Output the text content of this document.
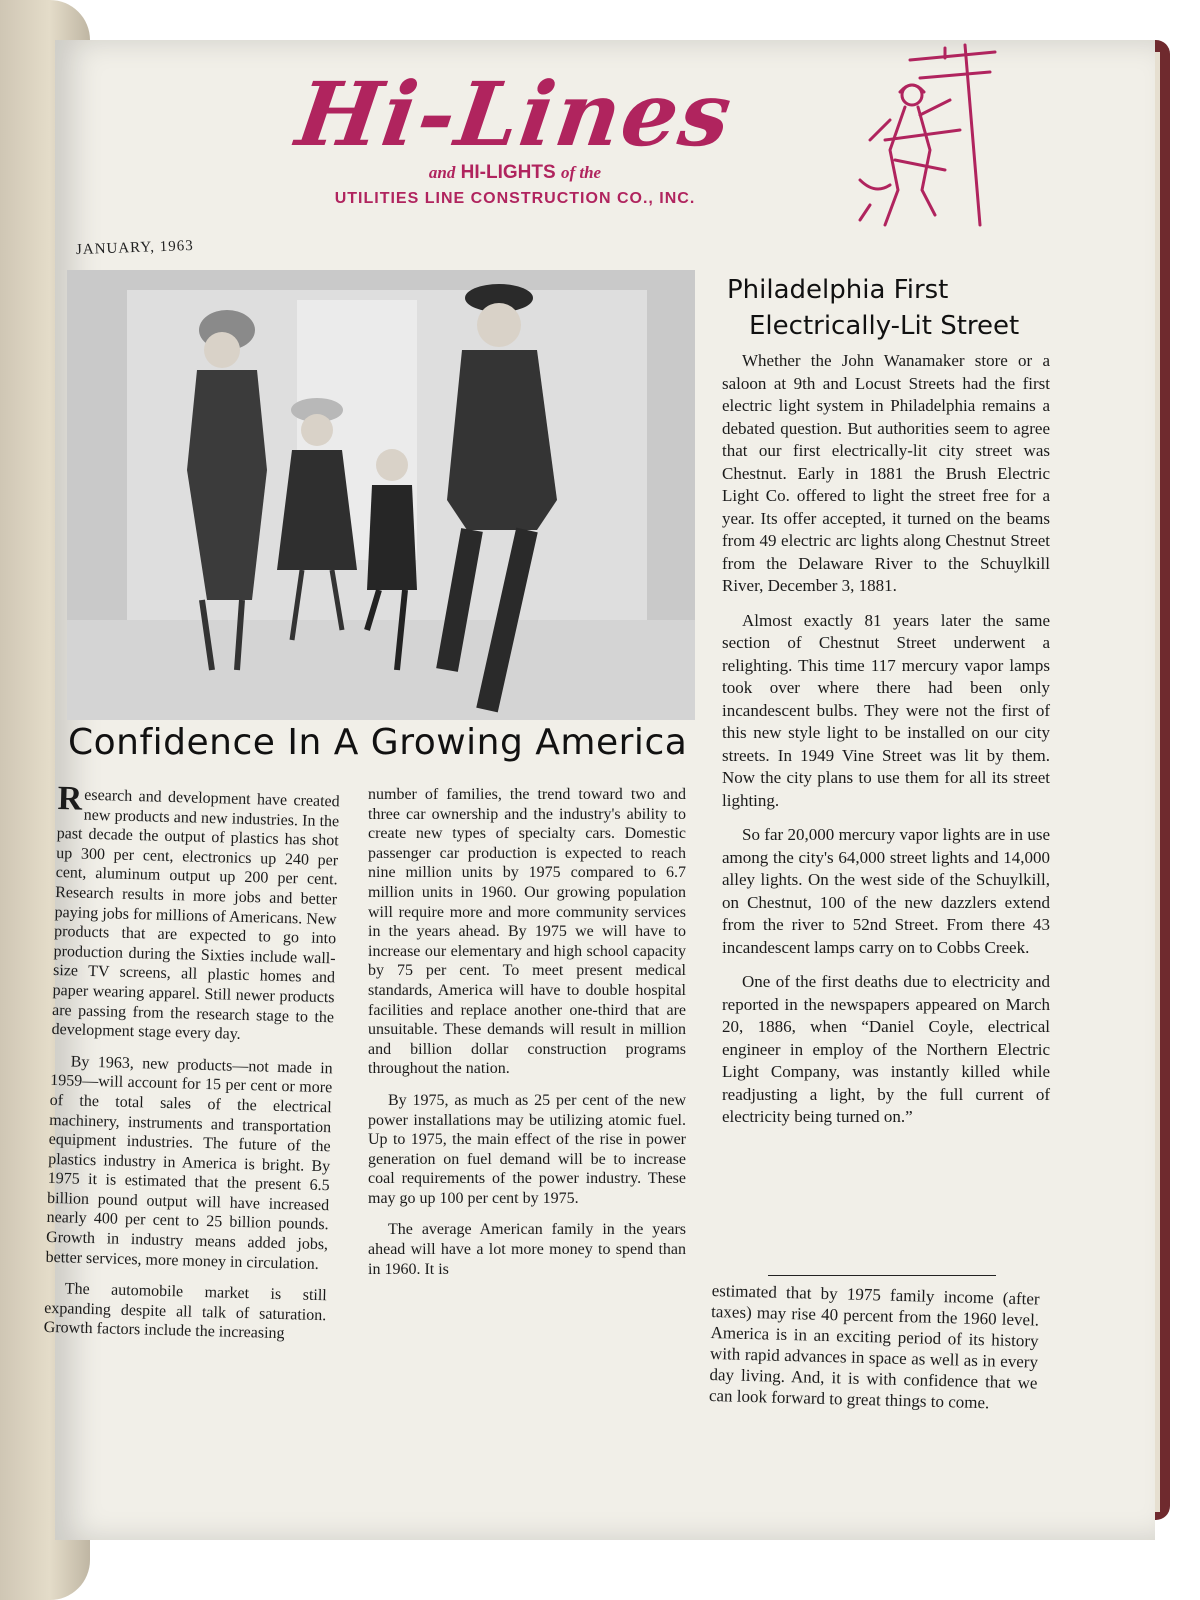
Hi-Lines
and HI-LIGHTS of the
UTILITIES LINE CONSTRUCTION CO., INC.
JANUARY, 1963
Confidence In A Growing America

Research and development have created new products and new industries. In the past decade the output of plastics has shot up 300 per cent, electronics up 240 per cent, aluminum output up 200 per cent. Research results in more jobs and better paying jobs for millions of Americans. New products that are expected to go into production during the Sixties include wall-size TV screens, all plastic homes and paper wearing apparel. Still newer products are passing from the research stage to the development stage every day.

By 1963, new products—not made in 1959—will account for 15 per cent or more of the total sales of the electrical machinery, instruments and transportation equipment industries. The future of the plastics industry in America is bright. By 1975 it is estimated that the present 6.5 billion pound output will have increased nearly 400 per cent to 25 billion pounds. Growth in industry means added jobs, better services, more money in circulation.

The automobile market is still expanding despite all talk of saturation. Growth factors include the increasing

number of families, the trend toward two and three car ownership and the industry's ability to create new types of specialty cars. Domestic passenger car production is expected to reach nine million units by 1975 compared to 6.7 million units in 1960. Our growing population will require more and more community services in the years ahead. By 1975 we will have to increase our elementary and high school capacity by 75 per cent. To meet present medical standards, America will have to double hospital facilities and replace another one-third that are unsuitable. These demands will result in million and billion dollar construction programs throughout the nation.

By 1975, as much as 25 per cent of the new power installations may be utilizing atomic fuel. Up to 1975, the main effect of the rise in power generation on fuel demand will be to increase coal requirements of the power industry. These may go up 100 per cent by 1975.

The average American family in the years ahead will have a lot more money to spend than in 1960. It is

Philadelphia First
Electrically-Lit Street

Whether the John Wanamaker store or a saloon at 9th and Locust Streets had the first electric light system in Philadelphia remains a debated question. But authorities seem to agree that our first electrically-lit city street was Chestnut. Early in 1881 the Brush Electric Light Co. offered to light the street free for a year. Its offer accepted, it turned on the beams from 49 electric arc lights along Chestnut Street from the Delaware River to the Schuylkill River, December 3, 1881.

Almost exactly 81 years later the same section of Chestnut Street underwent a relighting. This time 117 mercury vapor lamps took over where there had been only incandescent bulbs. They were not the first of this new style light to be installed on our city streets. In 1949 Vine Street was lit by them. Now the city plans to use them for all its street lighting.

So far 20,000 mercury vapor lights are in use among the city's 64,000 street lights and 14,000 alley lights. On the west side of the Schuylkill, on Chestnut, 100 of the new dazzlers extend from the river to 52nd Street. From there 43 incandescent lamps carry on to Cobbs Creek.

One of the first deaths due to electricity and reported in the newspapers appeared on March 20, 1886, when “Daniel Coyle, electrical engineer in employ of the Northern Electric Light Company, was instantly killed while readjusting a light, by the full current of electricity being turned on.”

estimated that by 1975 family income (after taxes) may rise 40 percent from the 1960 level. America is in an exciting period of its history with rapid advances in space as well as in every day living. And, it is with confidence that we can look forward to great things to come.
